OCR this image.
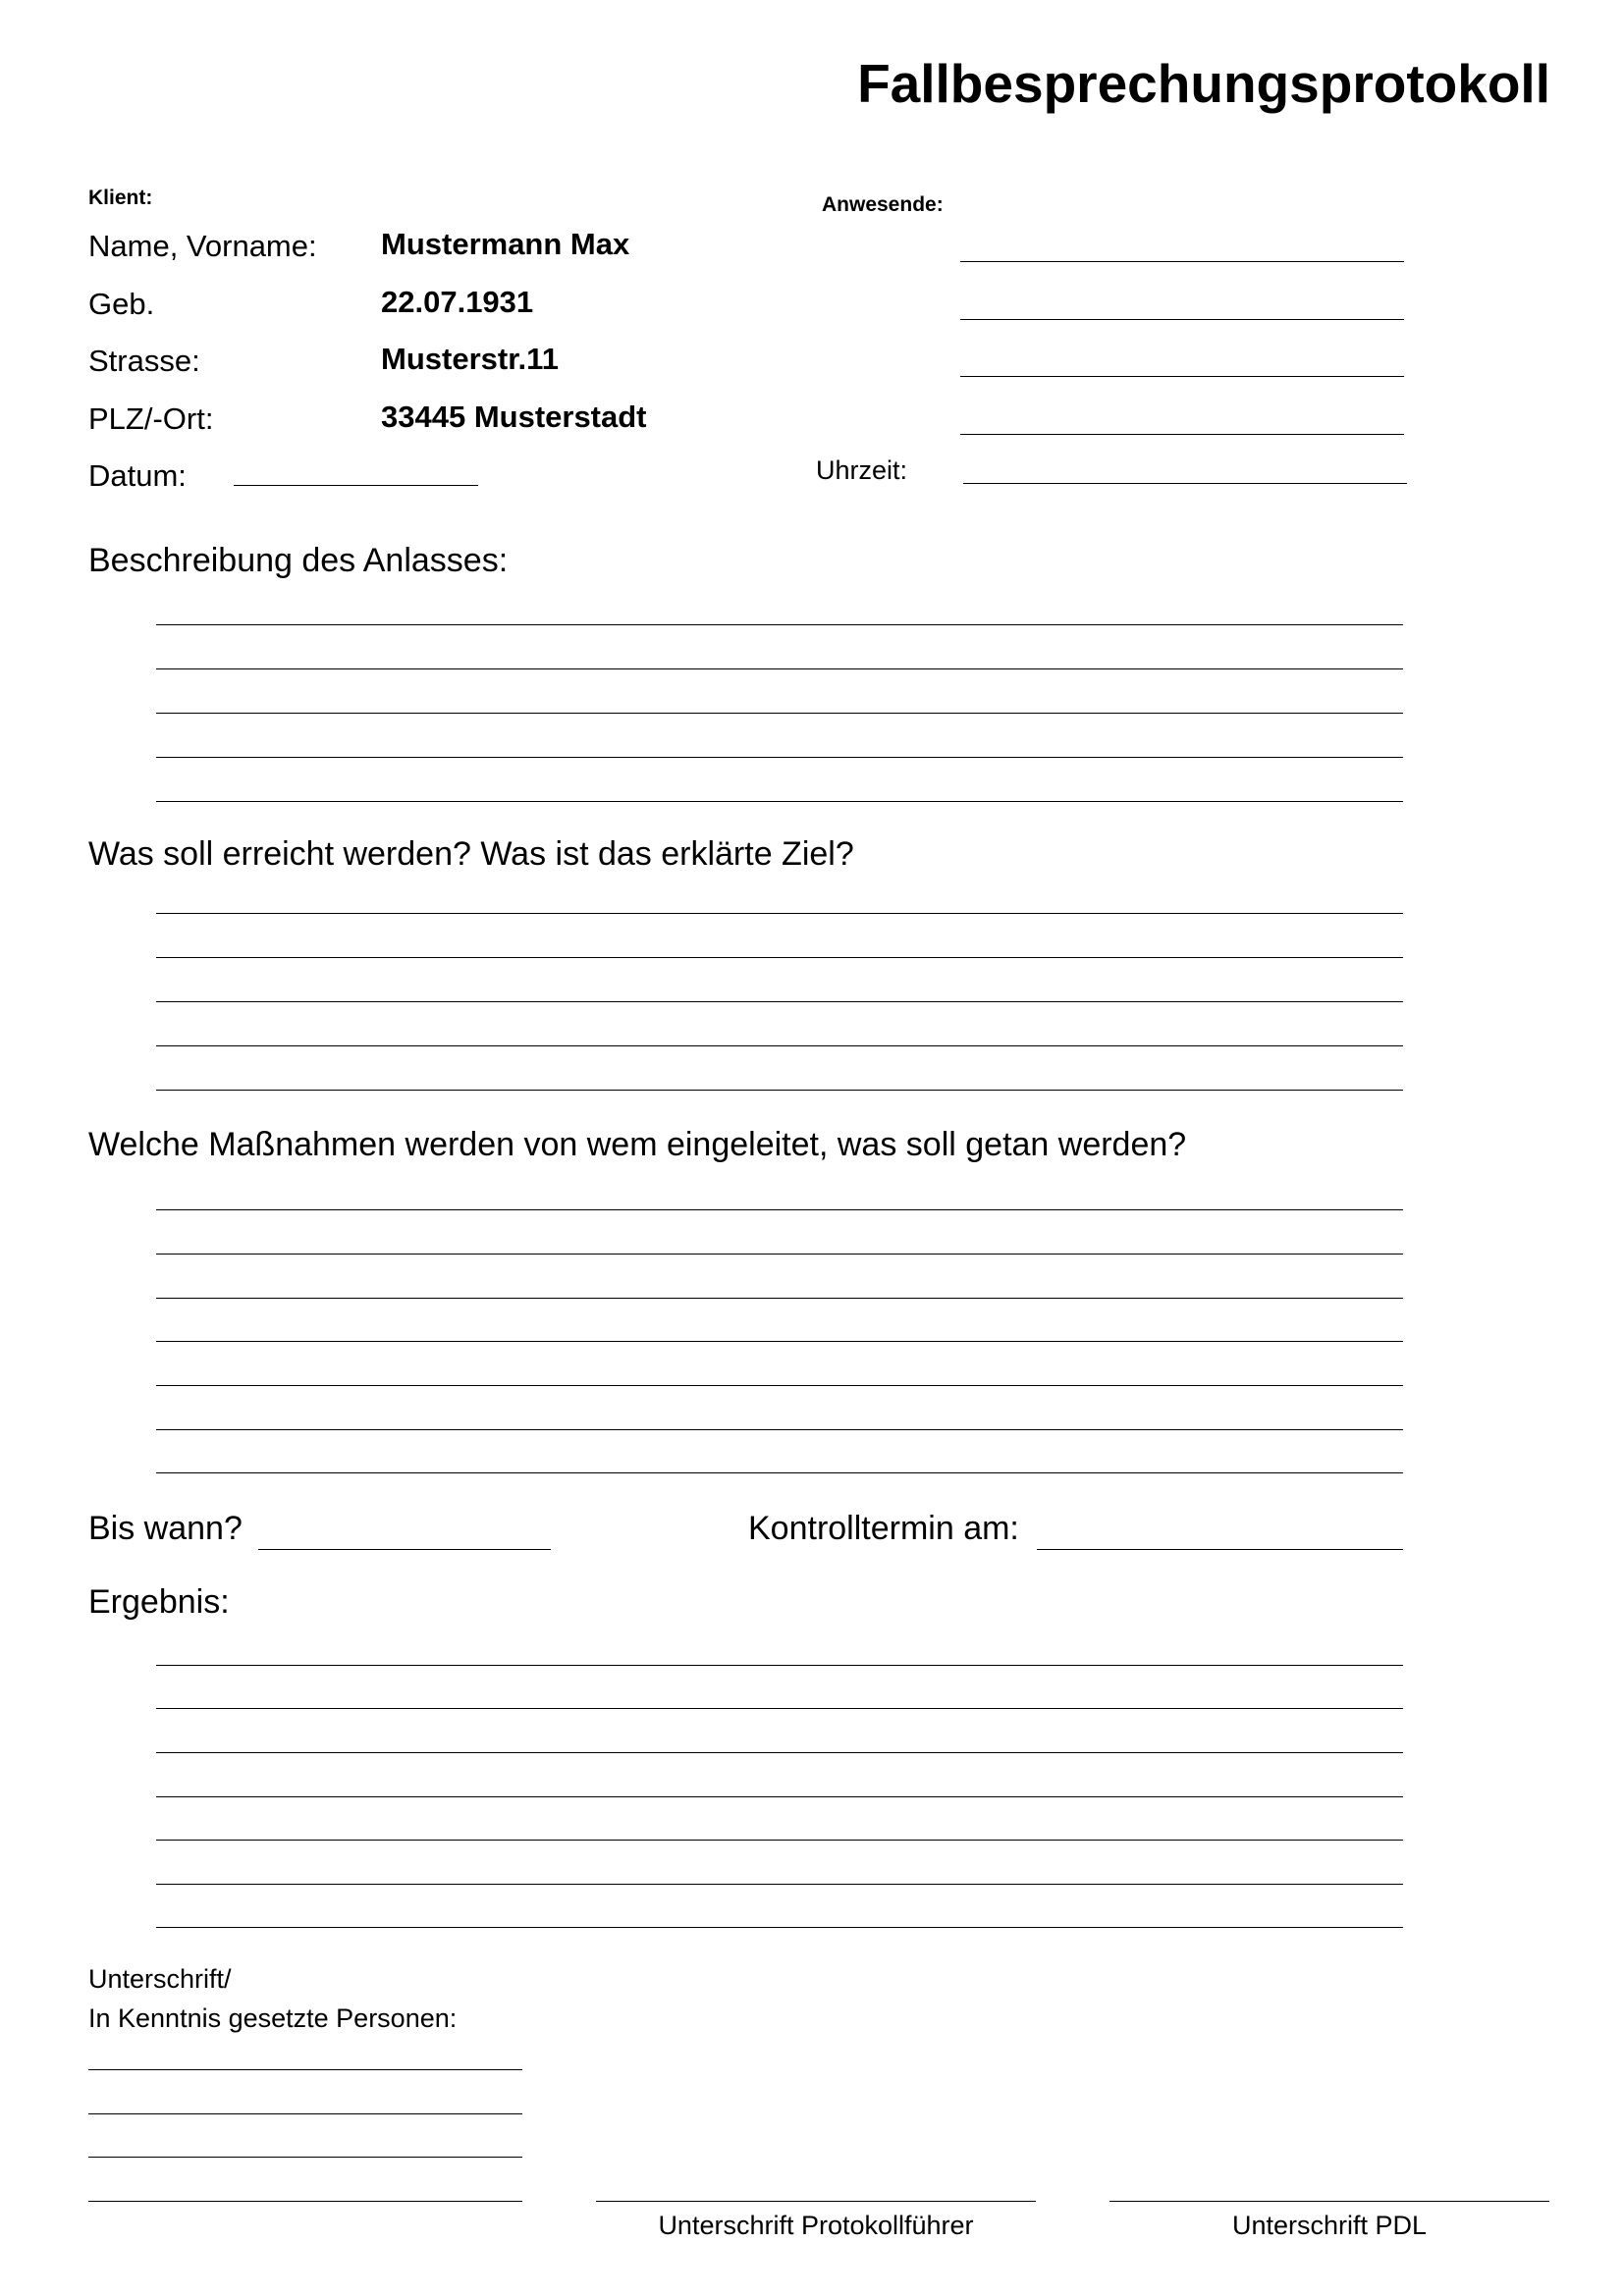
Fallbesprechungsprotokoll
Klient:
Name, Vorname: Mustermann Max
Geb.	22.07.1931
Strasse:	Musterstr.11
PLZ/-Ort:	33445 Musterstadt
Datum:
Anwesende:
Uhrzeit:
Beschreibung des Anlasses:
Was soll erreicht werden? Was ist das erklärte Ziel?
Welche Maßnahmen werden von wem eingeleitet, was soll getan werden?
Bis wann?	Kontrolltermin am:
Ergebnis:
Unterschrift/
In Kenntnis gesetzte Personen:
Unterschrift Protokollführer	Unterschrift PDL
